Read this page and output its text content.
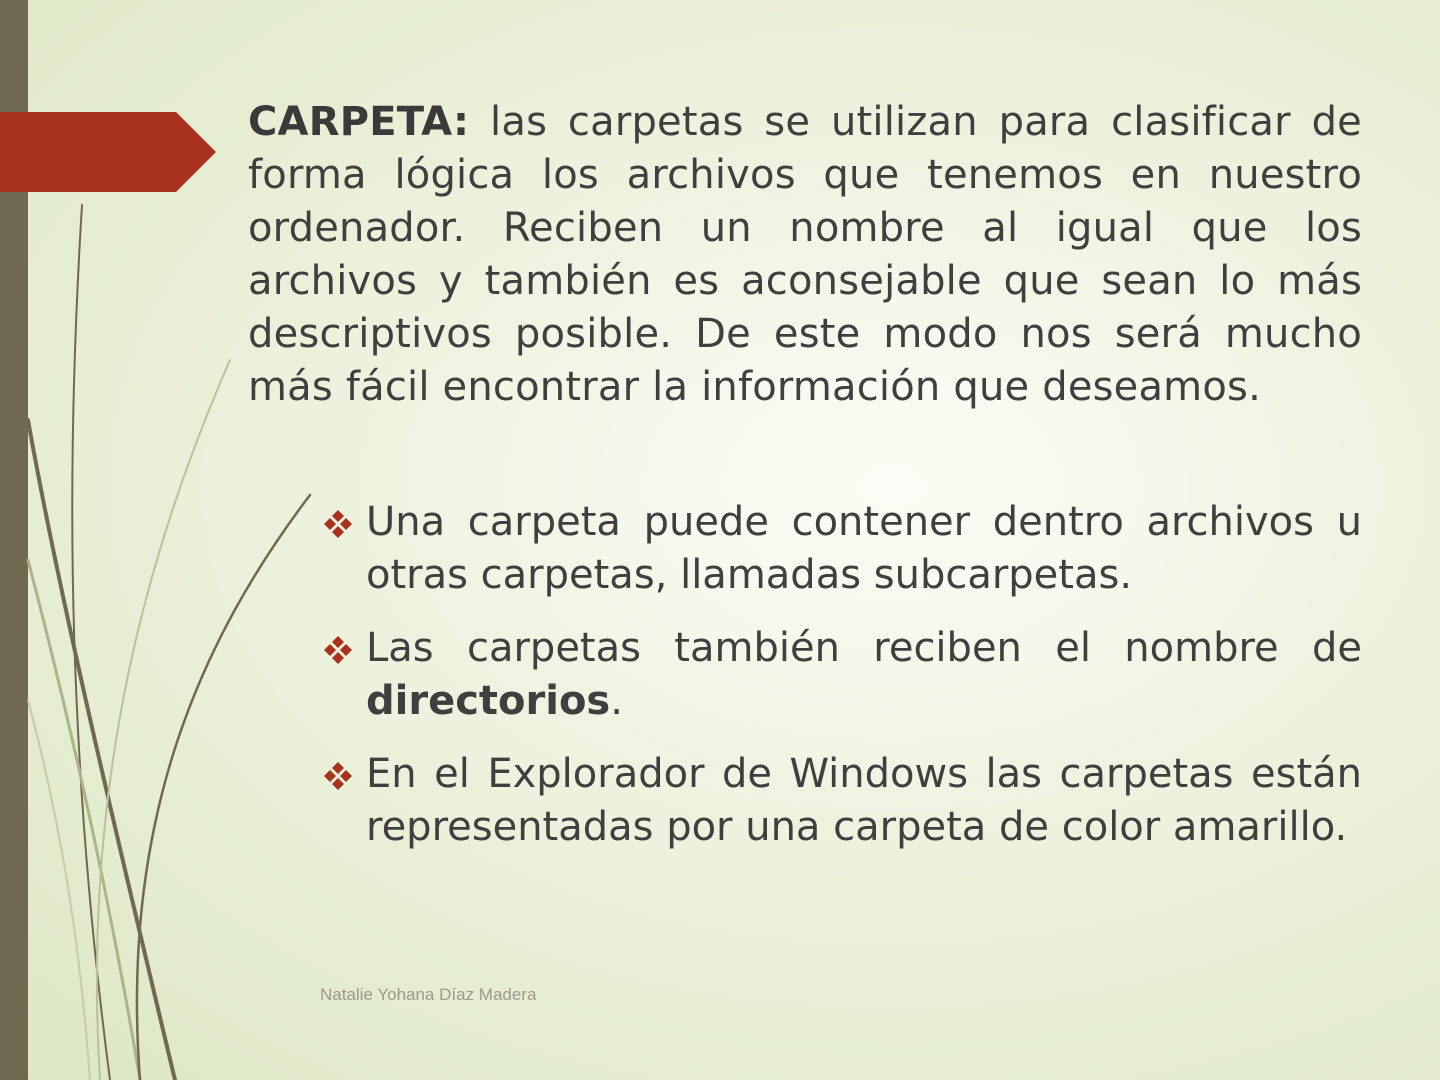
CARPETA: las carpetas se utilizan para clasificar de forma lógica los archivos que tenemos en nuestro ordenador. Reciben un nombre al igual que los archivos y también es aconsejable que sean lo más descriptivos posible. De este modo nos será mucho más fácil encontrar la información que deseamos.
Una carpeta puede contener dentro archivos u otras carpetas, llamadas subcarpetas.
Las carpetas también reciben el nombre de directorios.
En el Explorador de Windows las carpetas están representadas por una carpeta de color amarillo.
Natalie Yohana Díaz Madera
